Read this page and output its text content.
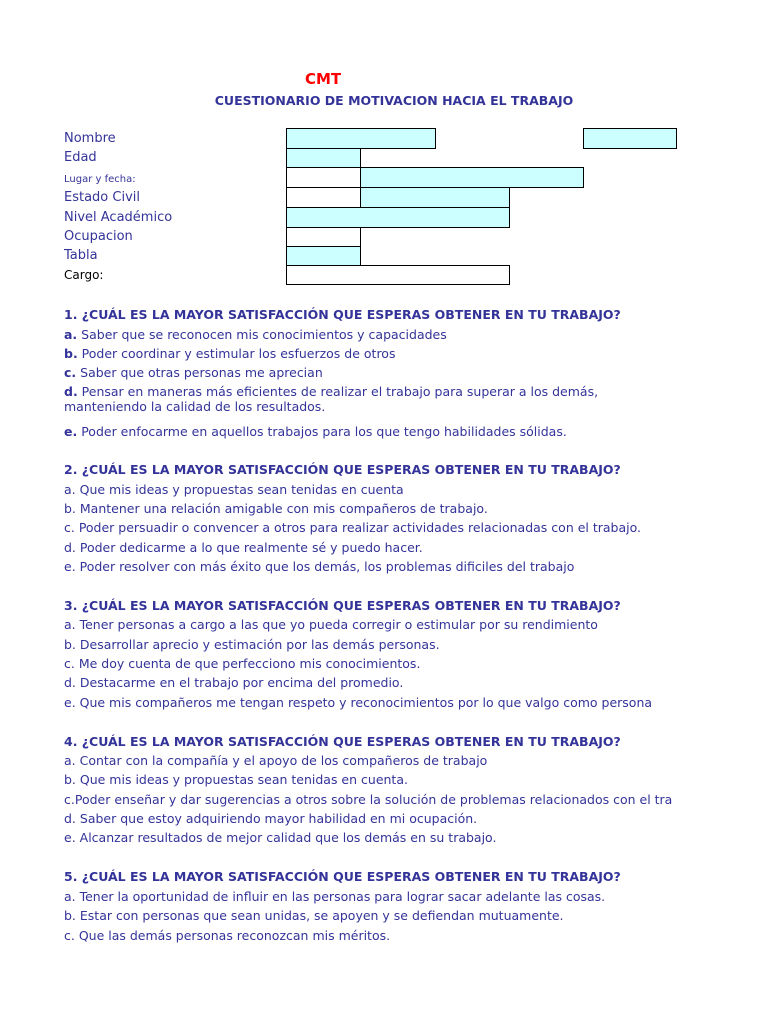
CMT
CUESTIONARIO DE MOTIVACION HACIA EL TRABAJO
Nombre
Edad
Lugar y fecha:
Estado Civil
Nivel Académico
Ocupacion
Tabla
Cargo:
1. ¿CUÁL ES LA MAYOR SATISFACCIÓN QUE ESPERAS OBTENER EN TU TRABAJO?
a. Saber que se reconocen mis conocimientos y capacidades
b. Poder coordinar y estimular los esfuerzos de otros
c. Saber que otras personas me aprecian
d. Pensar en maneras más eficientes de realizar el trabajo para superar a los demás,
manteniendo la calidad de los resultados.
e. Poder enfocarme en aquellos trabajos para los que tengo habilidades sólidas.
2. ¿CUÁL ES LA MAYOR SATISFACCIÓN QUE ESPERAS OBTENER EN TU TRABAJO?
a. Que mis ideas y propuestas sean tenidas en cuenta
b. Mantener una relación amigable con mis compañeros de trabajo.
c. Poder persuadir o convencer a otros para realizar actividades relacionadas con el trabajo.
d. Poder dedicarme a lo que realmente sé y puedo hacer.
e. Poder resolver con más éxito que los demás, los problemas dificiles del trabajo
3. ¿CUÁL ES LA MAYOR SATISFACCIÓN QUE ESPERAS OBTENER EN TU TRABAJO?
a. Tener personas a cargo a las que yo pueda corregir o estimular por su rendimiento
b. Desarrollar aprecio y estimación por las demás personas.
c. Me doy cuenta de que perfecciono mis conocimientos.
d. Destacarme en el trabajo por encima del promedio.
e. Que mis compañeros me tengan respeto y reconocimientos por lo que valgo como persona
4. ¿CUÁL ES LA MAYOR SATISFACCIÓN QUE ESPERAS OBTENER EN TU TRABAJO?
a. Contar con la compañía y el apoyo de los compañeros de trabajo
b. Que mis ideas y propuestas sean tenidas en cuenta.
c.Poder enseñar y dar sugerencias a otros sobre la solución de problemas relacionados con el tra
d. Saber que estoy adquiriendo mayor habilidad en mi ocupación.
e. Alcanzar resultados de mejor calidad que los demás en su trabajo.
5. ¿CUÁL ES LA MAYOR SATISFACCIÓN QUE ESPERAS OBTENER EN TU TRABAJO?
a. Tener la oportunidad de influir en las personas para lograr sacar adelante las cosas.
b. Estar con personas que sean unidas, se apoyen y se defiendan mutuamente.
c. Que las demás personas reconozcan mis méritos.
